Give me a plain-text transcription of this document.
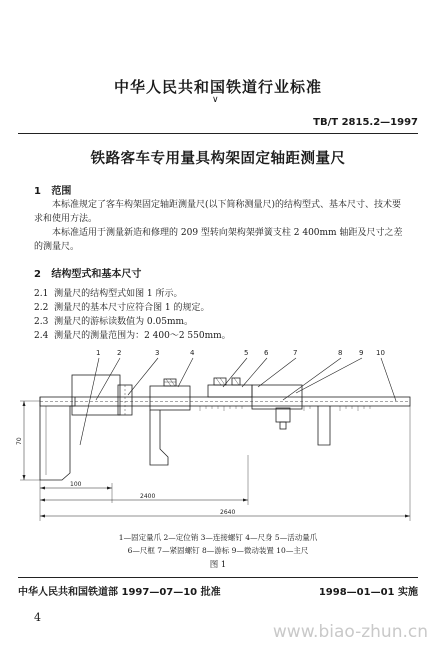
中华人民共和国铁道行业标准
∨
TB/T 2815.2—1997
铁路客车专用量具构架固定轴距测量尺
1 范围
本标准规定了客车构架固定轴距测量尺(以下简称测量尺)的结构型式、基本尺寸、技术要
求和使用方法。
本标准适用于测量新造和修理的 209 型转向架构架弹簧支柱 2 400mm 轴距及尺寸之差
的测量尺。
2 结构型式和基本尺寸
2.1 测量尺的结构型式如图 1 所示。
2.2 测量尺的基本尺寸应符合图 1 的规定。
2.3 测量尺的游标读数值为 0.05mm。
2.4 测量尺的测量范围为：2 400～2 550mm。
1 2	3	4	5 6	7	8 9 10
100
2400
2640
70
1—固定量爪 2—定位销 3—连接螺钉 4—尺身 5—活动量爪
6—尺框 7—紧固螺钉 8—游标 9—微动装置 10—主尺
图 1
中华人民共和国铁道部 1997—07—10 批准	1998—01—01 实施
4
www.biao-zhun.cn
